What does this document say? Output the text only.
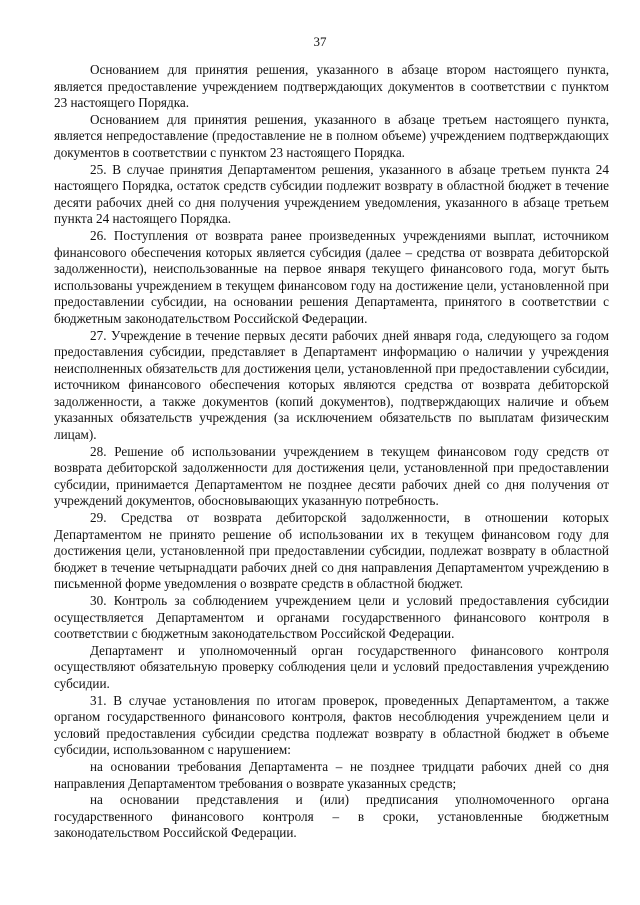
37

Основанием для принятия решения, указанного в абзаце втором настоящего пункта, является предоставление учреждением подтверждающих документов в соответствии с пунктом 23 настоящего Порядка.

Основанием для принятия решения, указанного в абзаце третьем настоящего пункта, является непредоставление (предоставление не в полном объеме) учреждением подтверждающих документов в соответствии с пунктом 23 настоящего Порядка.

25. В случае принятия Департаментом решения, указанного в абзаце третьем пункта 24 настоящего Порядка, остаток средств субсидии подлежит возврату в областной бюджет в течение десяти рабочих дней со дня получения учреждением уведомления, указанного в абзаце третьем пункта 24 настоящего Порядка.

26. Поступления от возврата ранее произведенных учреждениями выплат, источником финансового обеспечения которых является субсидия (далее – средства от возврата дебиторской задолженности), неиспользованные на первое января текущего финансового года, могут быть использованы учреждением в текущем финансовом году на достижение цели, установленной при предоставлении субсидии, на основании решения Департамента, принятого в соответствии с бюджетным законодательством Российской Федерации.

27. Учреждение в течение первых десяти рабочих дней января года, следующего за годом предоставления субсидии, представляет в Департамент информацию о наличии у учреждения неисполненных обязательств для достижения цели, установленной при предоставлении субсидии, источником финансового обеспечения которых являются средства от возврата дебиторской задолженности, а также документов (копий документов), подтверждающих наличие и объем указанных обязательств учреждения (за исключением обязательств по выплатам физическим лицам).

28. Решение об использовании учреждением в текущем финансовом году средств от возврата дебиторской задолженности для достижения цели, установленной при предоставлении субсидии, принимается Департаментом не позднее десяти рабочих дней со дня получения от учреждений документов, обосновывающих указанную потребность.

29. Средства от возврата дебиторской задолженности, в отношении которых Департаментом не принято решение об использовании их в текущем финансовом году для достижения цели, установленной при предоставлении субсидии, подлежат возврату в областной бюджет в течение четырнадцати рабочих дней со дня направления Департаментом учреждению в письменной форме уведомления о возврате средств в областной бюджет.

30. Контроль за соблюдением учреждением цели и условий предоставления субсидии осуществляется Департаментом и органами государственного финансового контроля в соответствии с бюджетным законодательством Российской Федерации.

Департамент и уполномоченный орган государственного финансового контроля осуществляют обязательную проверку соблюдения цели и условий предоставления учреждению субсидии.

31. В случае установления по итогам проверок, проведенных Департаментом, а также органом государственного финансового контроля, фактов несоблюдения учреждением цели и условий предоставления субсидии средства подлежат возврату в областной бюджет в объеме субсидии, использованном с нарушением:

на основании требования Департамента – не позднее тридцати рабочих дней со дня направления Департаментом требования о возврате указанных средств;

на основании представления и (или) предписания уполномоченного органа государственного финансового контроля – в сроки, установленные бюджетным законодательством Российской Федерации.
